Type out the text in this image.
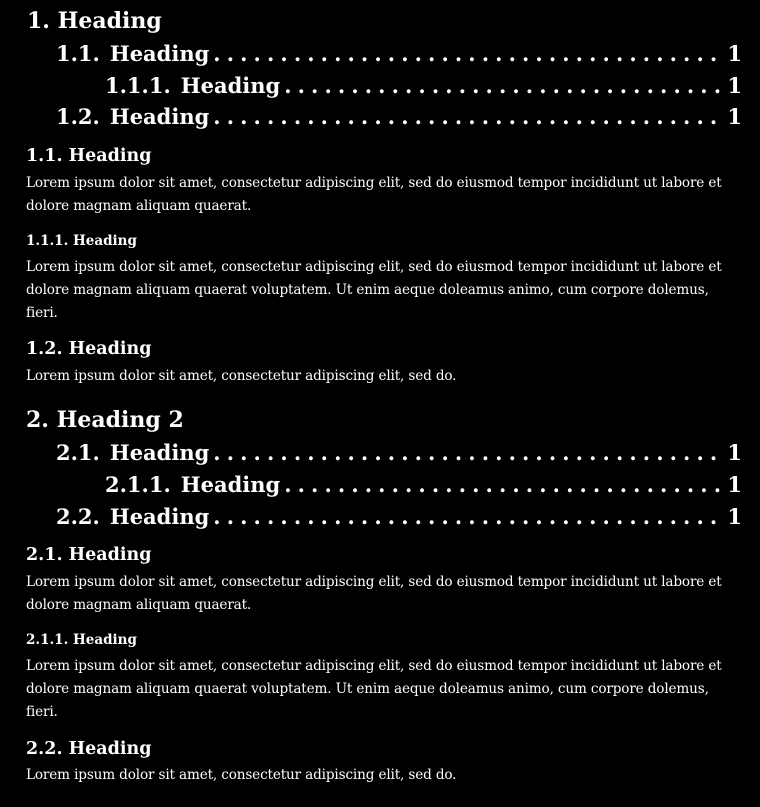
1. Heading
1.1. Heading . . .	1
1.1.1. Heading . . .	1
1.2. Heading . . .	1
1.1. Heading
Lorem ipsum dolor sit amet, consectetur adipiscing elit, sed do eiusmod tempor incididunt ut labore et dolore magnam aliquam quaerat.
1.1.1. Heading
Lorem ipsum dolor sit amet, consectetur adipiscing elit, sed do eiusmod tempor incididunt ut labore et dolore magnam aliquam quaerat voluptatem. Ut enim aeque doleamus animo, cum corpore dolemus, fieri.
1.2. Heading
Lorem ipsum dolor sit amet, consectetur adipiscing elit, sed do.
2. Heading 2
2.1. Heading . . .	1
2.1.1. Heading . . .	1
2.2. Heading . . .	1
2.1. Heading
Lorem ipsum dolor sit amet, consectetur adipiscing elit, sed do eiusmod tempor incididunt ut labore et dolore magnam aliquam quaerat.
2.1.1. Heading
Lorem ipsum dolor sit amet, consectetur adipiscing elit, sed do eiusmod tempor incididunt ut labore et dolore magnam aliquam quaerat voluptatem. Ut enim aeque doleamus animo, cum corpore dolemus, fieri.
2.2. Heading
Lorem ipsum dolor sit amet, consectetur adipiscing elit, sed do.
